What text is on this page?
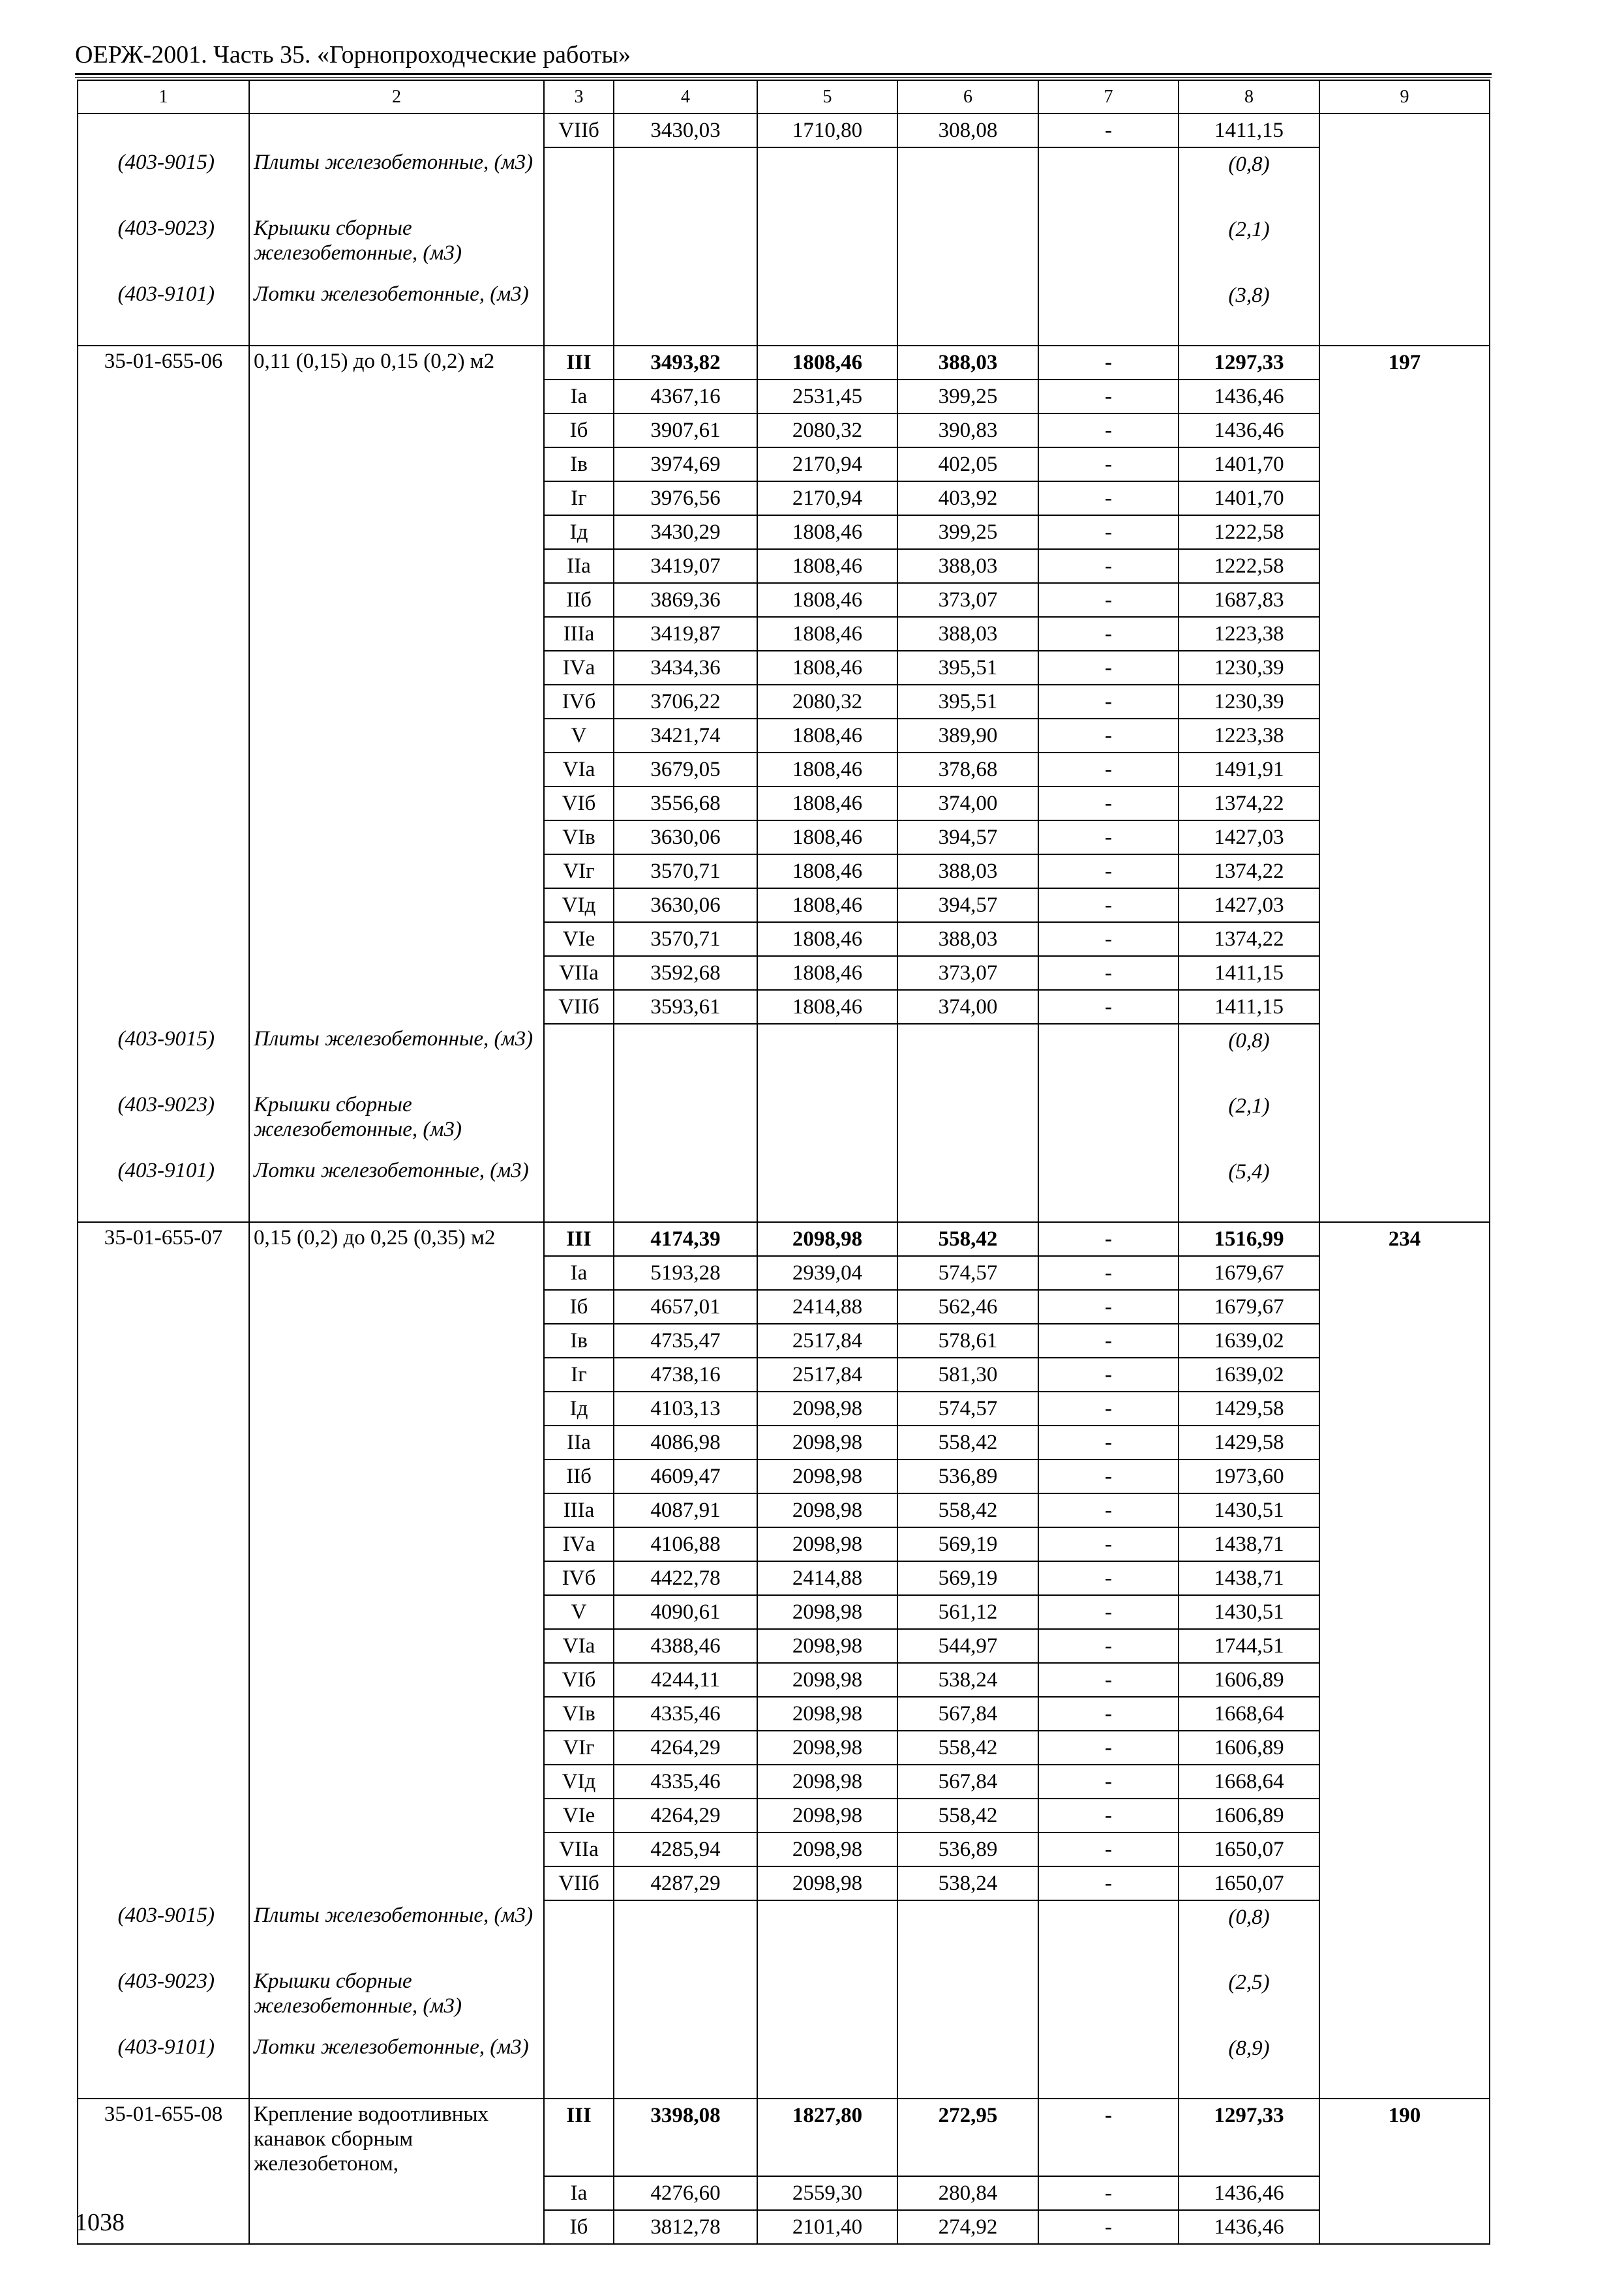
ОЕРЖ-2001. Часть 35. «Горнопроходческие работы»
1	2	3	4	5	6	7	8	9
		VIIб	3430,03	1710,80	308,08	-	1411,15	
(403-9015)	Плиты железобетонные, (м3)						(0,8)	
(403-9023)	Крышки сборные железобетонные, (м3)						(2,1)	
(403-9101)	Лотки железобетонные, (м3)						(3,8)	
35-01-655-06	0,11 (0,15) до 0,15 (0,2) м2	III	3493,82	1808,46	388,03	-	1297,33	197
		Iа	4367,16	2531,45	399,25	-	1436,46	
		Iб	3907,61	2080,32	390,83	-	1436,46	
		Iв	3974,69	2170,94	402,05	-	1401,70	
		Iг	3976,56	2170,94	403,92	-	1401,70	
		Iд	3430,29	1808,46	399,25	-	1222,58	
		IIа	3419,07	1808,46	388,03	-	1222,58	
		IIб	3869,36	1808,46	373,07	-	1687,83	
		IIIа	3419,87	1808,46	388,03	-	1223,38	
		IVа	3434,36	1808,46	395,51	-	1230,39	
		IVб	3706,22	2080,32	395,51	-	1230,39	
		V	3421,74	1808,46	389,90	-	1223,38	
		VIа	3679,05	1808,46	378,68	-	1491,91	
		VIб	3556,68	1808,46	374,00	-	1374,22	
		VIв	3630,06	1808,46	394,57	-	1427,03	
		VIг	3570,71	1808,46	388,03	-	1374,22	
		VIд	3630,06	1808,46	394,57	-	1427,03	
		VIе	3570,71	1808,46	388,03	-	1374,22	
		VIIа	3592,68	1808,46	373,07	-	1411,15	
		VIIб	3593,61	1808,46	374,00	-	1411,15	
(403-9015)	Плиты железобетонные, (м3)						(0,8)	
(403-9023)	Крышки сборные железобетонные, (м3)						(2,1)	
(403-9101)	Лотки железобетонные, (м3)						(5,4)	
35-01-655-07	0,15 (0,2) до 0,25 (0,35) м2	III	4174,39	2098,98	558,42	-	1516,99	234
		Iа	5193,28	2939,04	574,57	-	1679,67	
		Iб	4657,01	2414,88	562,46	-	1679,67	
		Iв	4735,47	2517,84	578,61	-	1639,02	
		Iг	4738,16	2517,84	581,30	-	1639,02	
		Iд	4103,13	2098,98	574,57	-	1429,58	
		IIа	4086,98	2098,98	558,42	-	1429,58	
		IIб	4609,47	2098,98	536,89	-	1973,60	
		IIIа	4087,91	2098,98	558,42	-	1430,51	
		IVа	4106,88	2098,98	569,19	-	1438,71	
		IVб	4422,78	2414,88	569,19	-	1438,71	
		V	4090,61	2098,98	561,12	-	1430,51	
		VIа	4388,46	2098,98	544,97	-	1744,51	
		VIб	4244,11	2098,98	538,24	-	1606,89	
		VIв	4335,46	2098,98	567,84	-	1668,64	
		VIг	4264,29	2098,98	558,42	-	1606,89	
		VIд	4335,46	2098,98	567,84	-	1668,64	
		VIе	4264,29	2098,98	558,42	-	1606,89	
		VIIа	4285,94	2098,98	536,89	-	1650,07	
		VIIб	4287,29	2098,98	538,24	-	1650,07	
(403-9015)	Плиты железобетонные, (м3)						(0,8)	
(403-9023)	Крышки сборные железобетонные, (м3)						(2,5)	
(403-9101)	Лотки железобетонные, (м3)						(8,9)	
35-01-655-08	Крепление водоотливных канавок сборным железобетоном,	III	3398,08	1827,80	272,95	-	1297,33	190
		Iа	4276,60	2559,30	280,84	-	1436,46	
		Iб	3812,78	2101,40	274,92	-	1436,46	
1038
